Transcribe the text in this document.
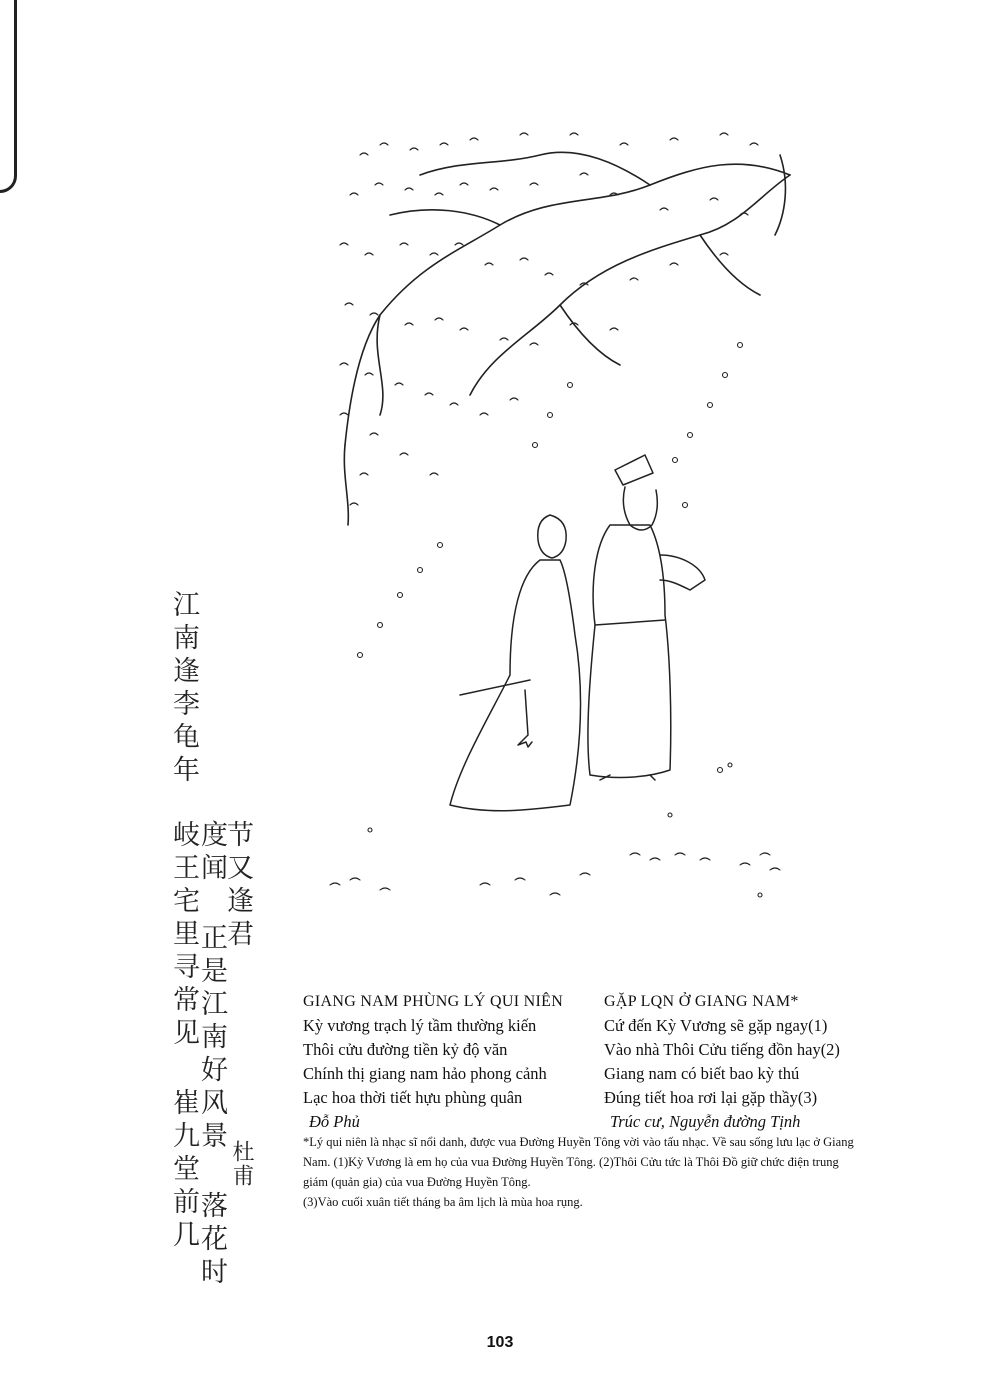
江南逢李龟年
节又逢君
度闻 正是江南好风景 落花时
岐王宅里寻常见 崔九堂前几 杜甫
GIANG NAM PHÙNG LÝ QUI NIÊN
Kỳ vương trạch lý tầm thường kiến
Thôi cửu đường tiền kỷ độ văn
Chính thị giang nam hảo phong cảnh
Lạc hoa thời tiết hựu phùng quân
Đỗ Phủ
GẶP LQN Ở GIANG NAM*
Cứ đến Kỳ Vương sẽ gặp ngay(1)
Vào nhà Thôi Cửu tiếng đồn hay(2)
Giang nam có biết bao kỳ thú
Đúng tiết hoa rơi lại gặp thầy(3)
Trúc cư, Nguyễn đường Tịnh

*Lý qui niên là nhạc sĩ nổi danh, được vua Đường Huyền Tông vời vào tấu nhạc. Về sau sống lưu lạc ở Giang Nam. (1)Kỳ Vương là em họ của vua Đường Huyền Tông. (2)Thôi Cửu tức là Thôi Đồ giữ chức điện trung giám (quản gia) của vua Đường Huyền Tông.

(3)Vào cuối xuân tiết tháng ba âm lịch là mùa hoa rụng.

103
